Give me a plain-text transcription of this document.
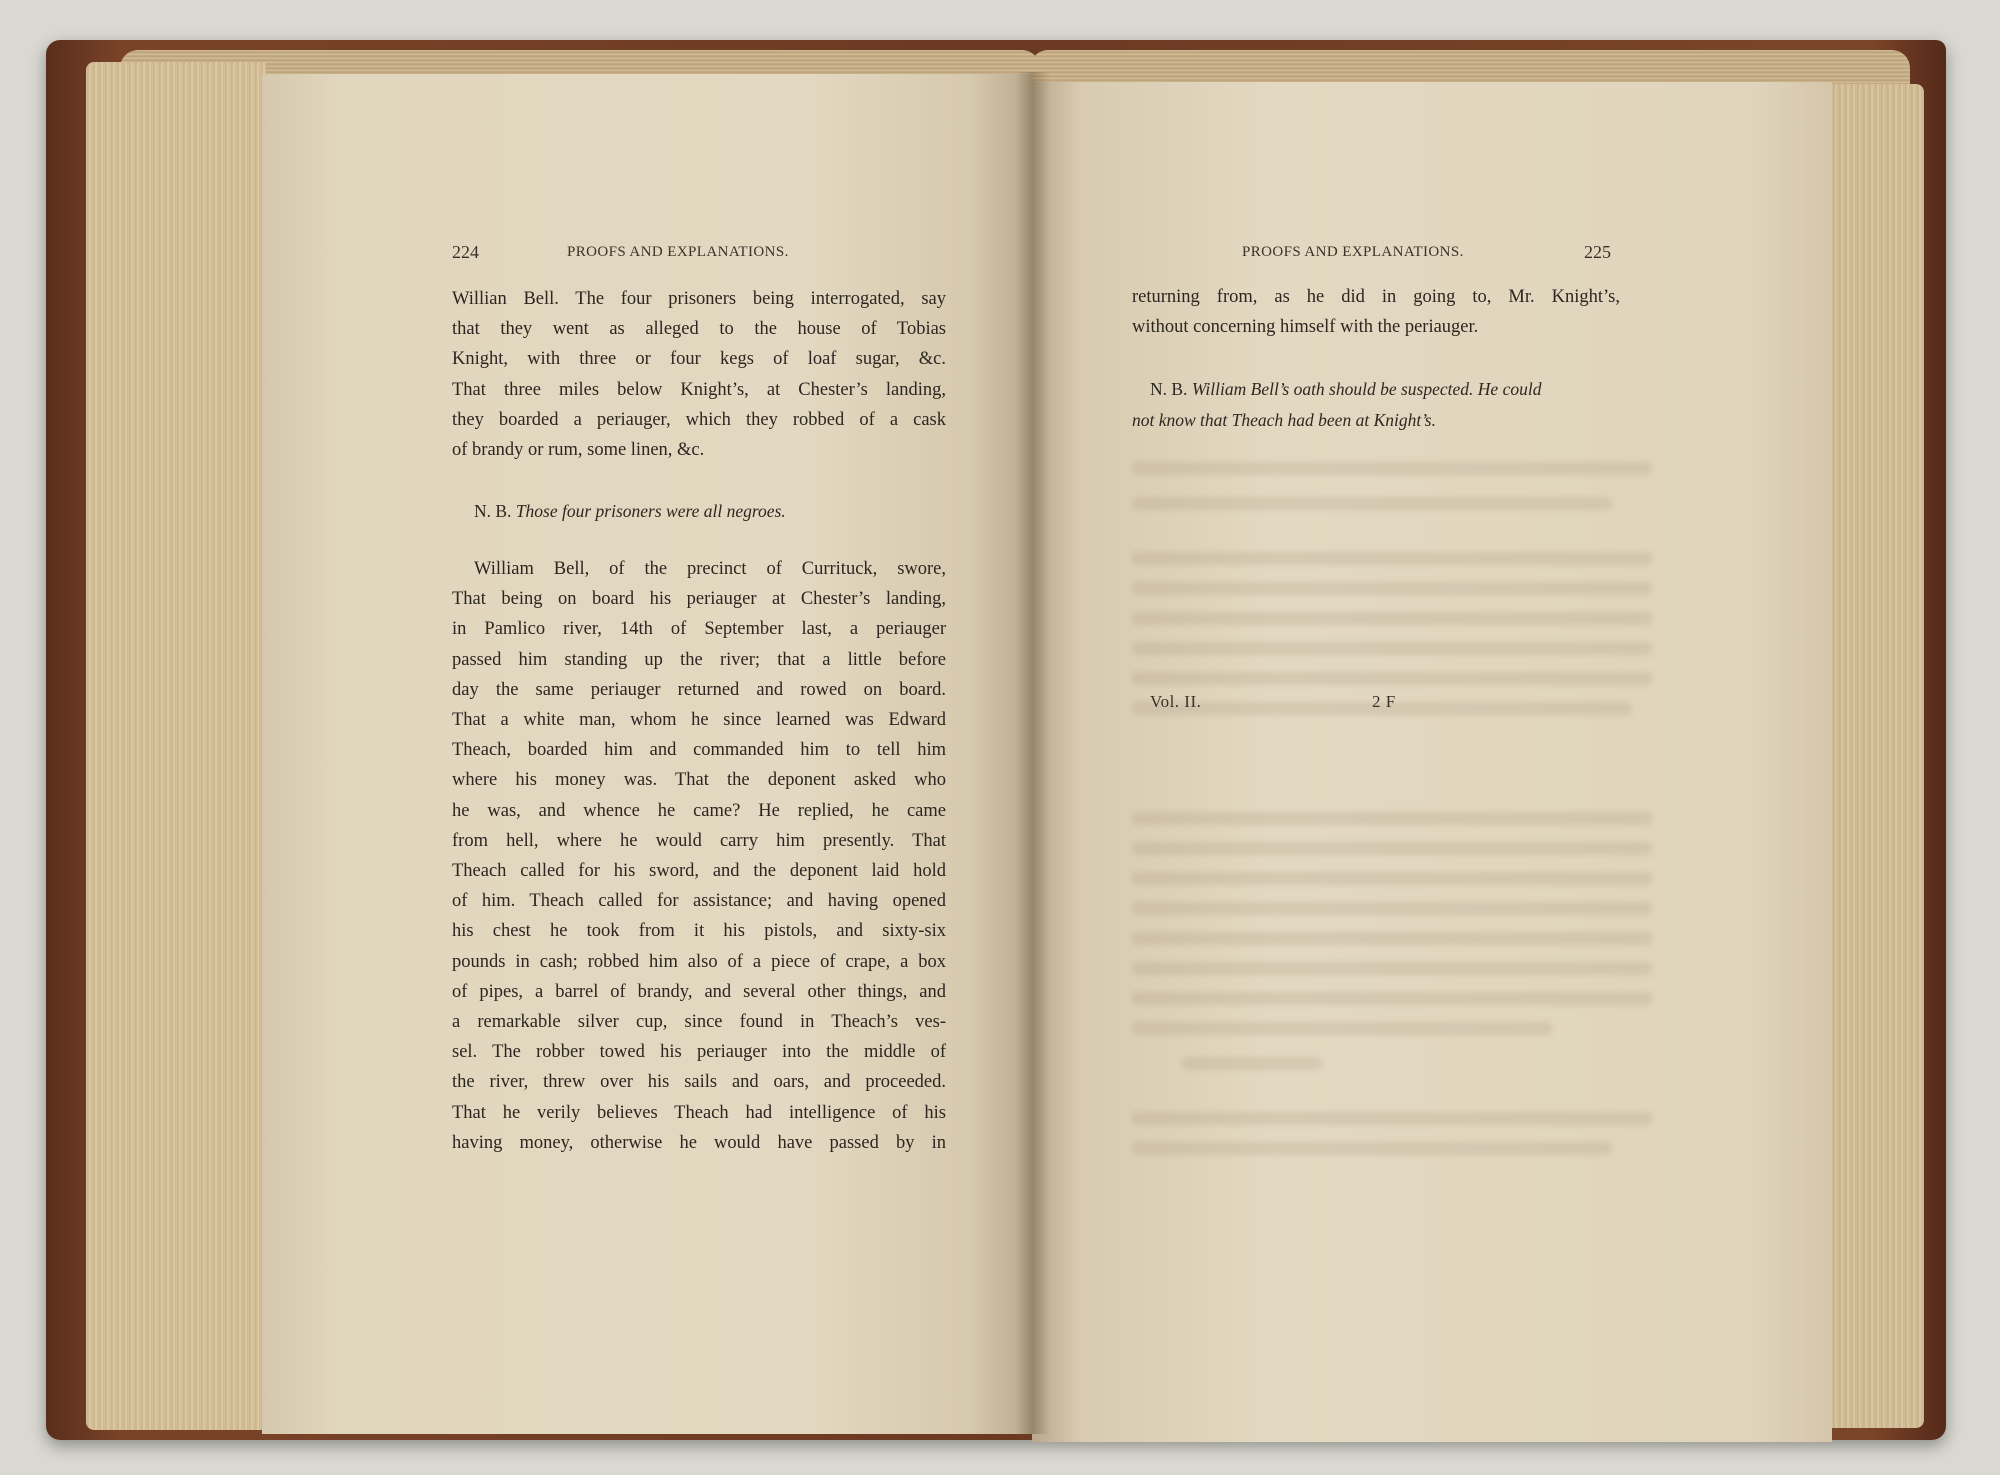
224	PROOFS AND EXPLANATIONS.
Willian Bell. The four prisoners being interrogated, say
that they went as alleged to the house of Tobias
Knight, with three or four kegs of loaf sugar, &c.
That three miles below Knight’s, at Chester’s landing,
they boarded a periauger, which they robbed of a cask
of brandy or rum, some linen, &c.
N. B. Those four prisoners were all negroes.
William Bell, of the precinct of Currituck, swore,
That being on board his periauger at Chester’s landing,
in Pamlico river, 14th of September last, a periauger
passed him standing up the river; that a little before
day the same periauger returned and rowed on board.
That a white man, whom he since learned was Edward
Theach, boarded him and commanded him to tell him
where his money was. That the deponent asked who
he was, and whence he came? He replied, he came
from hell, where he would carry him presently. That
Theach called for his sword, and the deponent laid hold
of him. Theach called for assistance; and having opened
his chest he took from it his pistols, and sixty-six
pounds in cash; robbed him also of a piece of crape, a box
of pipes, a barrel of brandy, and several other things, and
a remarkable silver cup, since found in Theach’s ves-
sel. The robber towed his periauger into the middle of
the river, threw over his sails and oars, and proceeded.
That he verily believes Theach had intelligence of his
having money, otherwise he would have passed by in
PROOFS AND EXPLANATIONS.	225
returning from, as he did in going to, Mr. Knight’s,
without concerning himself with the periauger.
N. B. William Bell’s oath should be suspected. He could
not know that Theach had been at Knight’s.
Vol. II.	2 F
